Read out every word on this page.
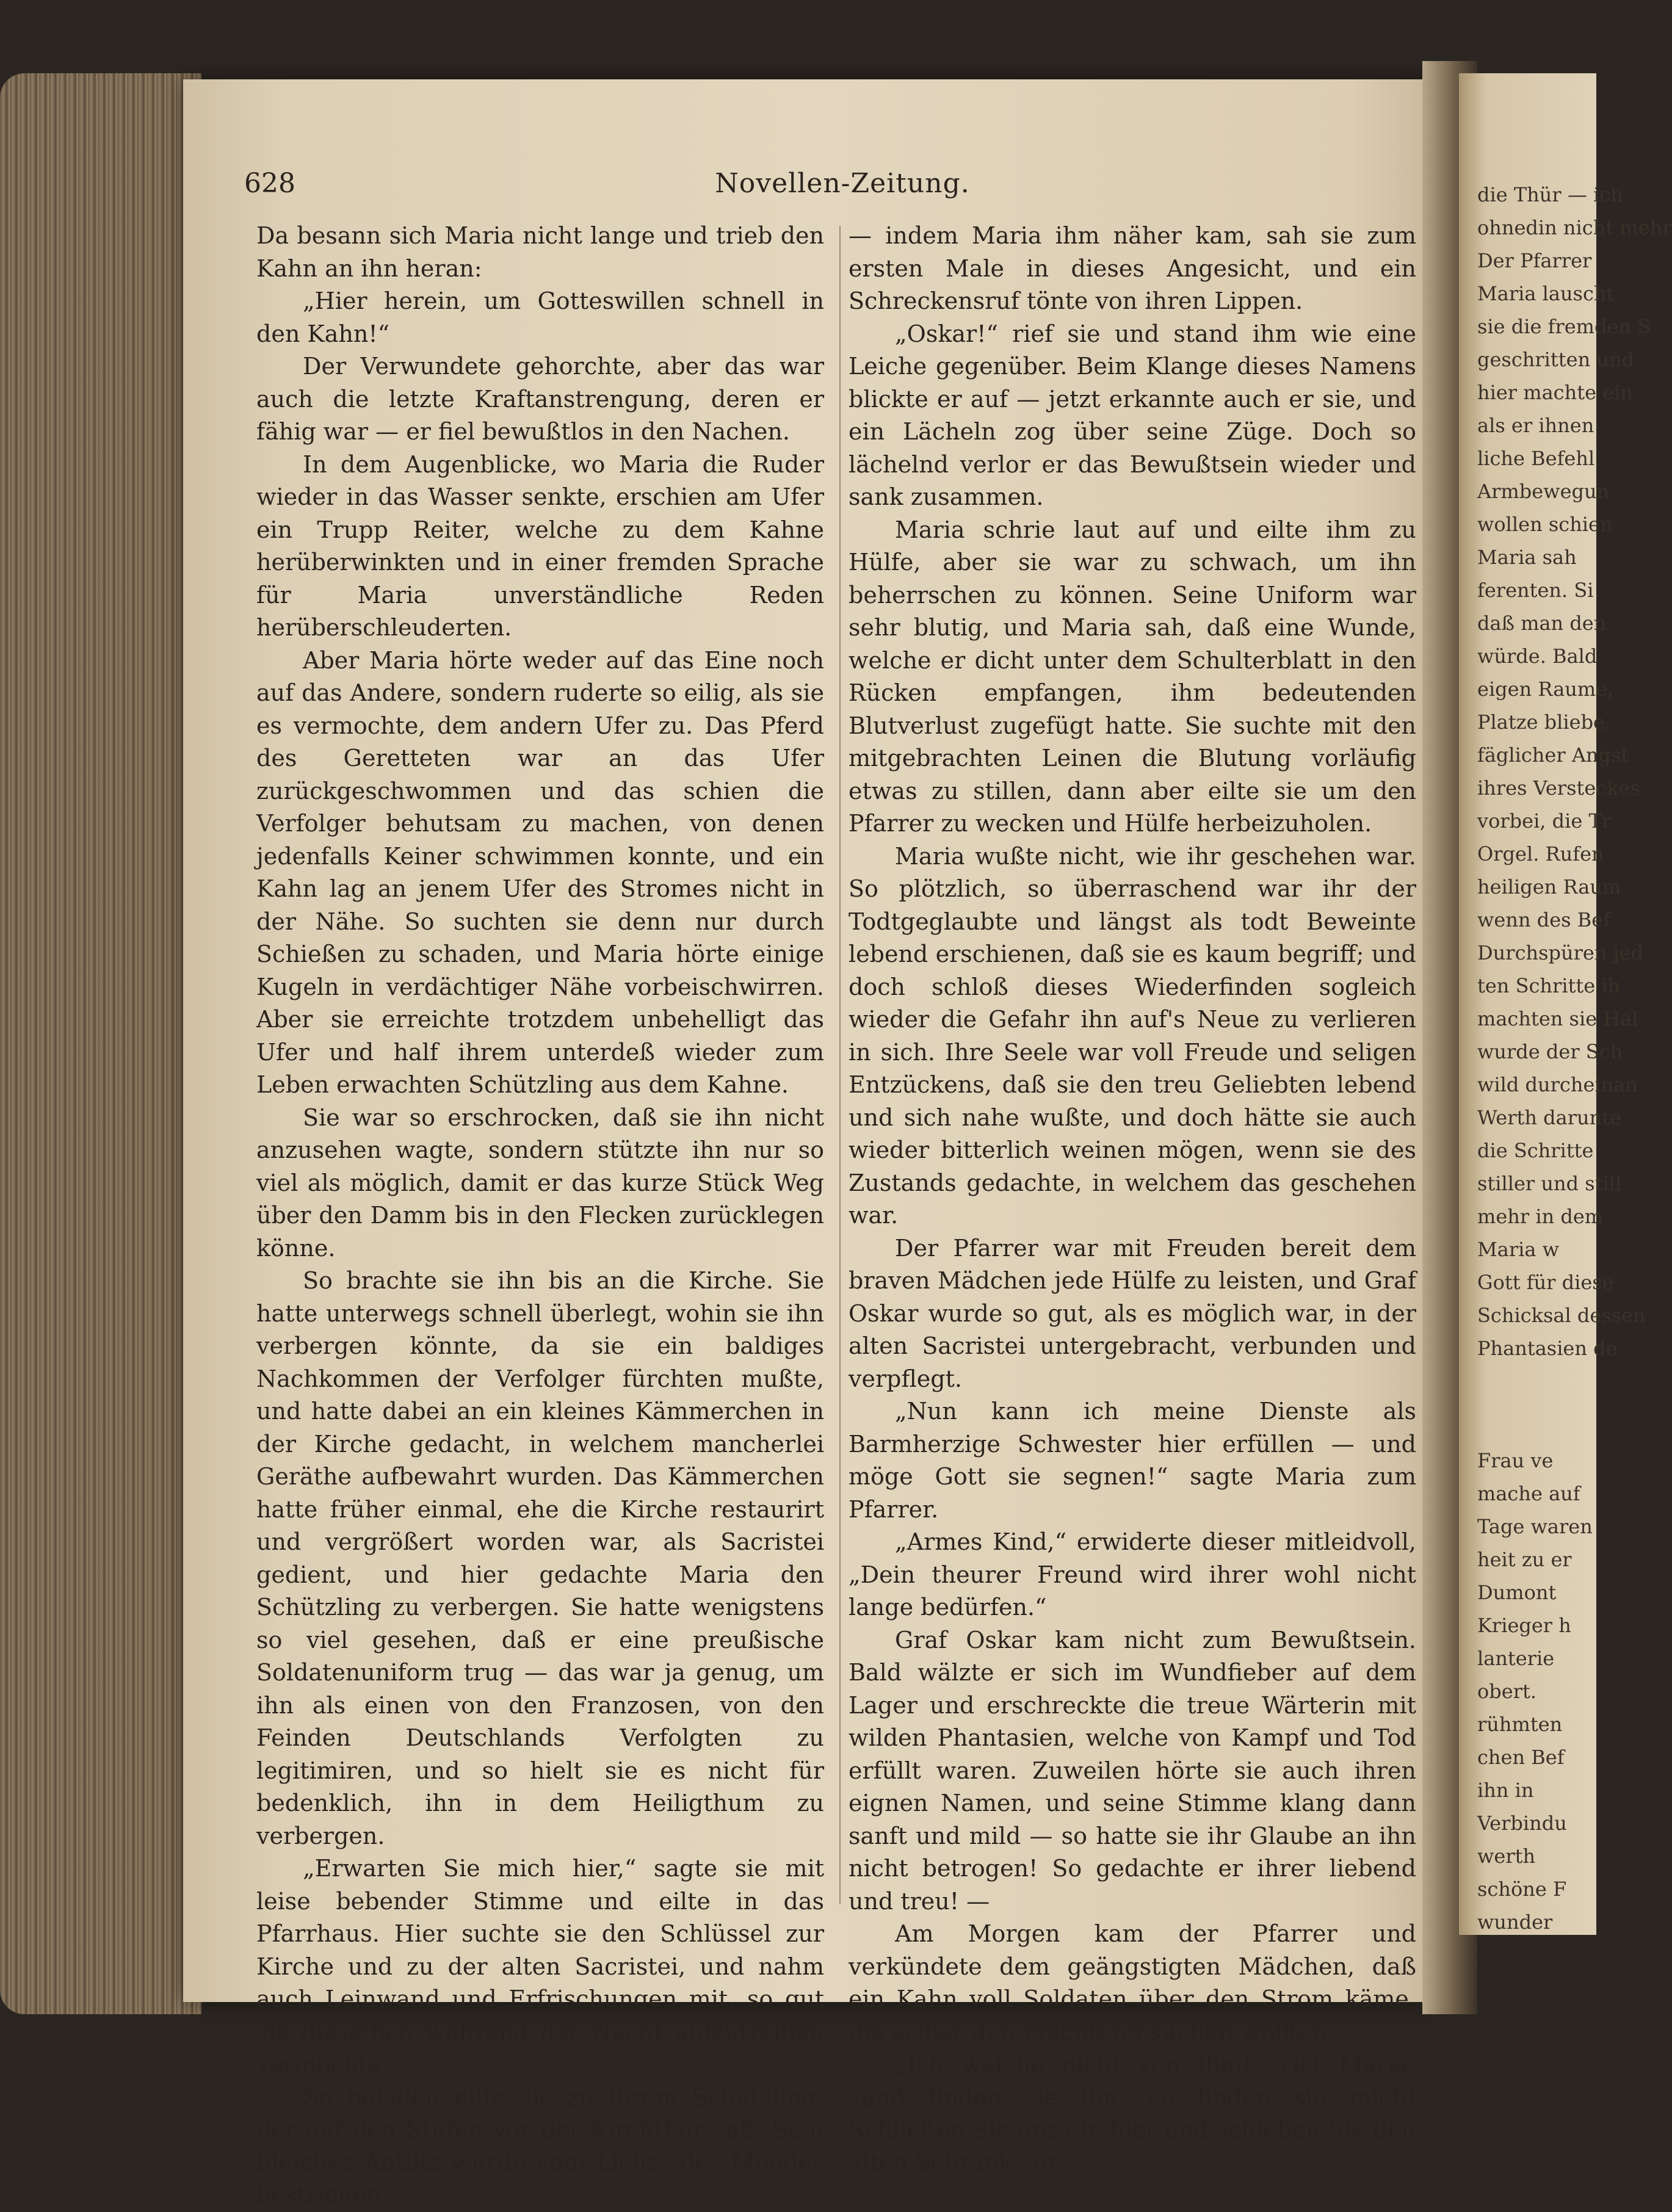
die Thür — ich
ohnedin nicht mehr
Der Pfarrer
Maria lauscht
sie die fremden S
geschritten und
hier machte ein
als er ihnen
liche Befehl
Armbewegun
wollen schien
Maria sah
ferenten. Si
daß man den
würde. Bald
eigen Raume,
Platze bliebe.
fäglicher Angst
ihres Versteckes
vorbei, die Tr
Orgel. Rufen
heiligen Raum
wenn des Bef
Durchspüren jed
ten Schritte ih
machten sie Hal
wurde der Sch
wild durcheinan
Werth darunte
die Schritte
stiller und still
mehr in dem
Maria w
Gott für diese
Schicksal dessen
Phantasien de
Frau ve
mache auf
Tage waren
heit zu er
Dumont
Krieger h
lanterie
obert.
rühmten
chen Bef
ihn in
Verbindu
werth
schöne F
wunder
628	Novellen-Zeitung.

Da besann sich Maria nicht lange und trieb den Kahn an ihn heran:

„Hier herein, um Gotteswillen schnell in den Kahn!“

Der Verwundete gehorchte, aber das war auch die letzte Kraftanstrengung, deren er fähig war — er fiel bewußtlos in den Nachen.

In dem Augenblicke, wo Maria die Ruder wieder in das Wasser senkte, erschien am Ufer ein Trupp Reiter, welche zu dem Kahne herüberwinkten und in einer fremden Sprache für Maria unverständliche Reden herüberschleuderten.

Aber Maria hörte weder auf das Eine noch auf das Andere, sondern ruderte so eilig, als sie es vermochte, dem andern Ufer zu. Das Pferd des Geretteten war an das Ufer zurückgeschwommen und das schien die Verfolger behutsam zu machen, von denen jedenfalls Keiner schwimmen konnte, und ein Kahn lag an jenem Ufer des Stromes nicht in der Nähe. So suchten sie denn nur durch Schießen zu schaden, und Maria hörte einige Kugeln in verdächtiger Nähe vorbeischwirren. Aber sie erreichte trotzdem unbehelligt das Ufer und half ihrem unterdeß wieder zum Leben erwachten Schützling aus dem Kahne.

Sie war so erschrocken, daß sie ihn nicht anzusehen wagte, sondern stützte ihn nur so viel als möglich, damit er das kurze Stück Weg über den Damm bis in den Flecken zurücklegen könne.

So brachte sie ihn bis an die Kirche. Sie hatte unterwegs schnell überlegt, wohin sie ihn verbergen könnte, da sie ein baldiges Nachkommen der Verfolger fürchten mußte, und hatte dabei an ein kleines Kämmerchen in der Kirche gedacht, in welchem mancherlei Geräthe aufbewahrt wurden. Das Kämmerchen hatte früher einmal, ehe die Kirche restaurirt und vergrößert worden war, als Sacristei gedient, und hier gedachte Maria den Schützling zu verbergen. Sie hatte wenigstens so viel gesehen, daß er eine preußische Soldatenuniform trug — das war ja genug, um ihn als einen von den Franzosen, von den Feinden Deutschlands Verfolgten zu legitimiren, und so hielt sie es nicht für bedenklich, ihn in dem Heiligthum zu verbergen.

„Erwarten Sie mich hier,“ sagte sie mit leise bebender Stimme und eilte in das Pfarrhaus. Hier suchte sie den Schlüssel zur Kirche und zu der alten Sacristei, und nahm auch Leinwand und Erfrischungen mit, so gut sie dieselben während der Nacht aufzutreiben vermochte.

So beladen eilte sie zu ihrem Schützling, der auf den Stufen vor der Kirchthür saß. Sein bleiches Antlitz wurde vom Lichte des Mondes bestrichen

— indem Maria ihm näher kam, sah sie zum ersten Male in dieses Angesicht, und ein Schreckensruf tönte von ihren Lippen.

„Oskar!“ rief sie und stand ihm wie eine Leiche gegenüber. Beim Klange dieses Namens blickte er auf — jetzt erkannte auch er sie, und ein Lächeln zog über seine Züge. Doch so lächelnd verlor er das Bewußtsein wieder und sank zusammen.

Maria schrie laut auf und eilte ihm zu Hülfe, aber sie war zu schwach, um ihn beherrschen zu können. Seine Uniform war sehr blutig, und Maria sah, daß eine Wunde, welche er dicht unter dem Schulterblatt in den Rücken empfangen, ihm bedeutenden Blutverlust zugefügt hatte. Sie suchte mit den mitgebrachten Leinen die Blutung vorläufig etwas zu stillen, dann aber eilte sie um den Pfarrer zu wecken und Hülfe herbeizuholen.

Maria wußte nicht, wie ihr geschehen war. So plötzlich, so überraschend war ihr der Todtgeglaubte und längst als todt Beweinte lebend erschienen, daß sie es kaum begriff; und doch schloß dieses Wiederfinden sogleich wieder die Gefahr ihn auf's Neue zu verlieren in sich. Ihre Seele war voll Freude und seligen Entzückens, daß sie den treu Geliebten lebend und sich nahe wußte, und doch hätte sie auch wieder bitterlich weinen mögen, wenn sie des Zustands gedachte, in welchem das geschehen war.

Der Pfarrer war mit Freuden bereit dem braven Mädchen jede Hülfe zu leisten, und Graf Oskar wurde so gut, als es möglich war, in der alten Sacristei untergebracht, verbunden und verpflegt.

„Nun kann ich meine Dienste als Barmherzige Schwester hier erfüllen — und möge Gott sie segnen!“ sagte Maria zum Pfarrer.

„Armes Kind,“ erwiderte dieser mitleidvoll, „Dein theurer Freund wird ihrer wohl nicht lange bedürfen.“

Graf Oskar kam nicht zum Bewußtsein. Bald wälzte er sich im Wundfieber auf dem Lager und erschreckte die treue Wärterin mit wilden Phantasien, welche von Kampf und Tod erfüllt waren. Zuweilen hörte sie auch ihren eignen Namen, und seine Stimme klang dann sanft und mild — so hatte sie ihr Glaube an ihn nicht betrogen! So gedachte er ihrer liebend und treu! —

Am Morgen kam der Pfarrer und verkündete dem geängstigten Mädchen, daß ein Kahn voll Soldaten über den Strom käme, die sicher den Flüchtling suchen wollten.

„Ich weiche nicht von ihm!“ rief Maria, „und finden sie ihn, so finden sie mich! Schließen Sie uns ein hier und schieben Sie den alten Schrank vor
